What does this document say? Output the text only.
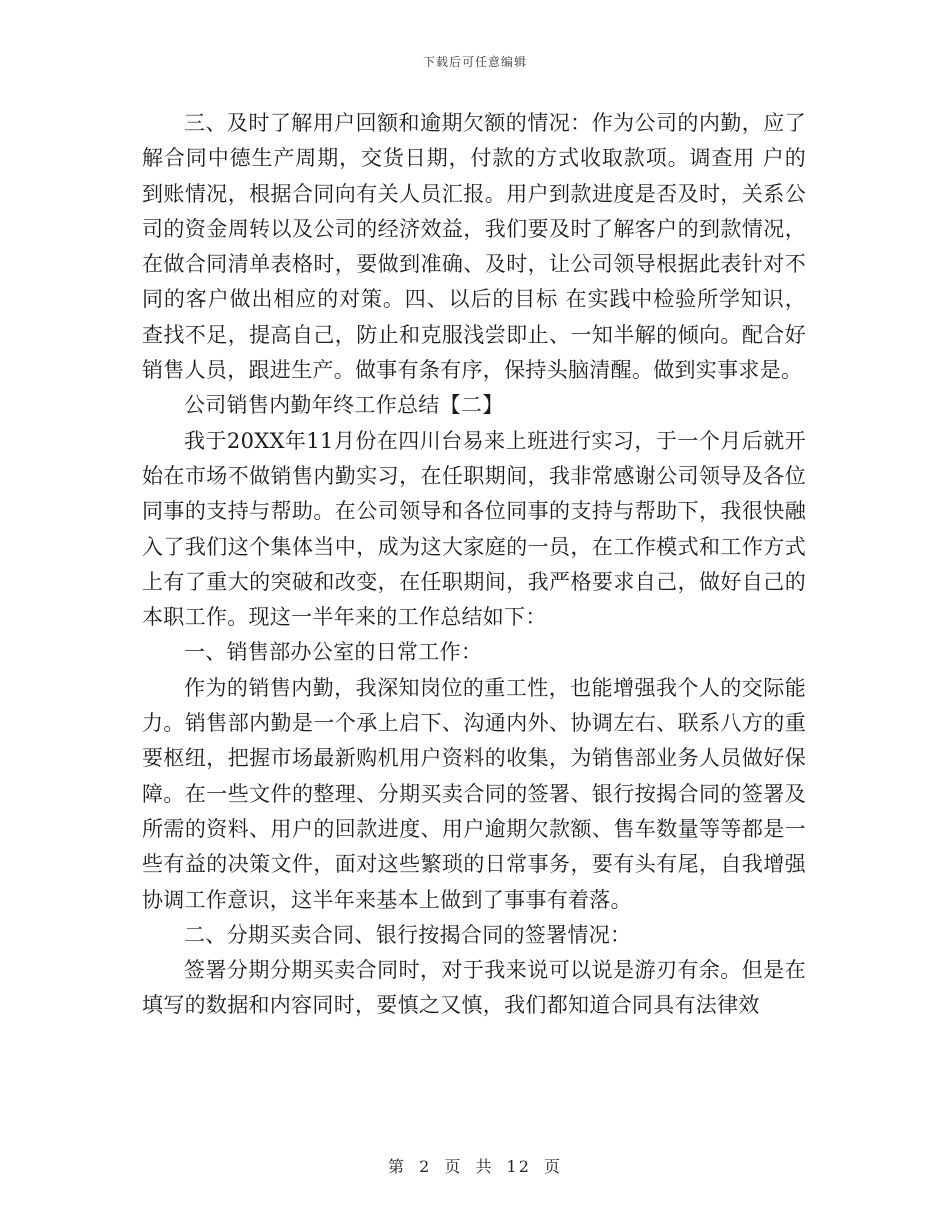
下载后可任意编辑

三、及时了解用户回额和逾期欠额的情况：作为公司的内勤，应了解合同中德生产周期，交货日期，付款的方式收取款项。调查用 户的到账情况，根据合同向有关人员汇报。用户到款进度是否及时，关系公司的资金周转以及公司的经济效益，我们要及时了解客户的到款情况，在做合同清单表格时，要做到准确、及时，让公司领导根据此表针对不同的客户做出相应的对策。四、以后的目标 在实践中检验所学知识，查找不足，提高自己，防止和克服浅尝即止、一知半解的倾向。配合好销售人员，跟进生产。做事有条有序，保持头脑清醒。做到实事求是。

公司销售内勤年终工作总结【二】

我于20XX年11月份在四川台易来上班进行实习，于一个月后就开始在市场不做销售内勤实习，在任职期间，我非常感谢公司领导及各位同事的支持与帮助。在公司领导和各位同事的支持与帮助下，我很快融入了我们这个集体当中，成为这大家庭的一员，在工作模式和工作方式上有了重大的突破和改变，在任职期间，我严格要求自己，做好自己的本职工作。现这一半年来的工作总结如下：

一、销售部办公室的日常工作：

作为的销售内勤，我深知岗位的重工性，也能增强我个人的交际能力。销售部内勤是一个承上启下、沟通内外、协调左右、联系八方的重要枢纽，把握市场最新购机用户资料的收集，为销售部业务人员做好保障。在一些文件的整理、分期买卖合同的签署、银行按揭合同的签署及所需的资料、用户的回款进度、用户逾期欠款额、售车数量等等都是一些有益的决策文件，面对这些繁琐的日常事务，要有头有尾，自我增强协调工作意识，这半年来基本上做到了事事有着落。

二、分期买卖合同、银行按揭合同的签署情况：

签署分期分期买卖合同时，对于我来说可以说是游刃有余。但是在填写的数据和内容同时，要慎之又慎，我们都知道合同具有法律效

第 2 页 共 12 页
